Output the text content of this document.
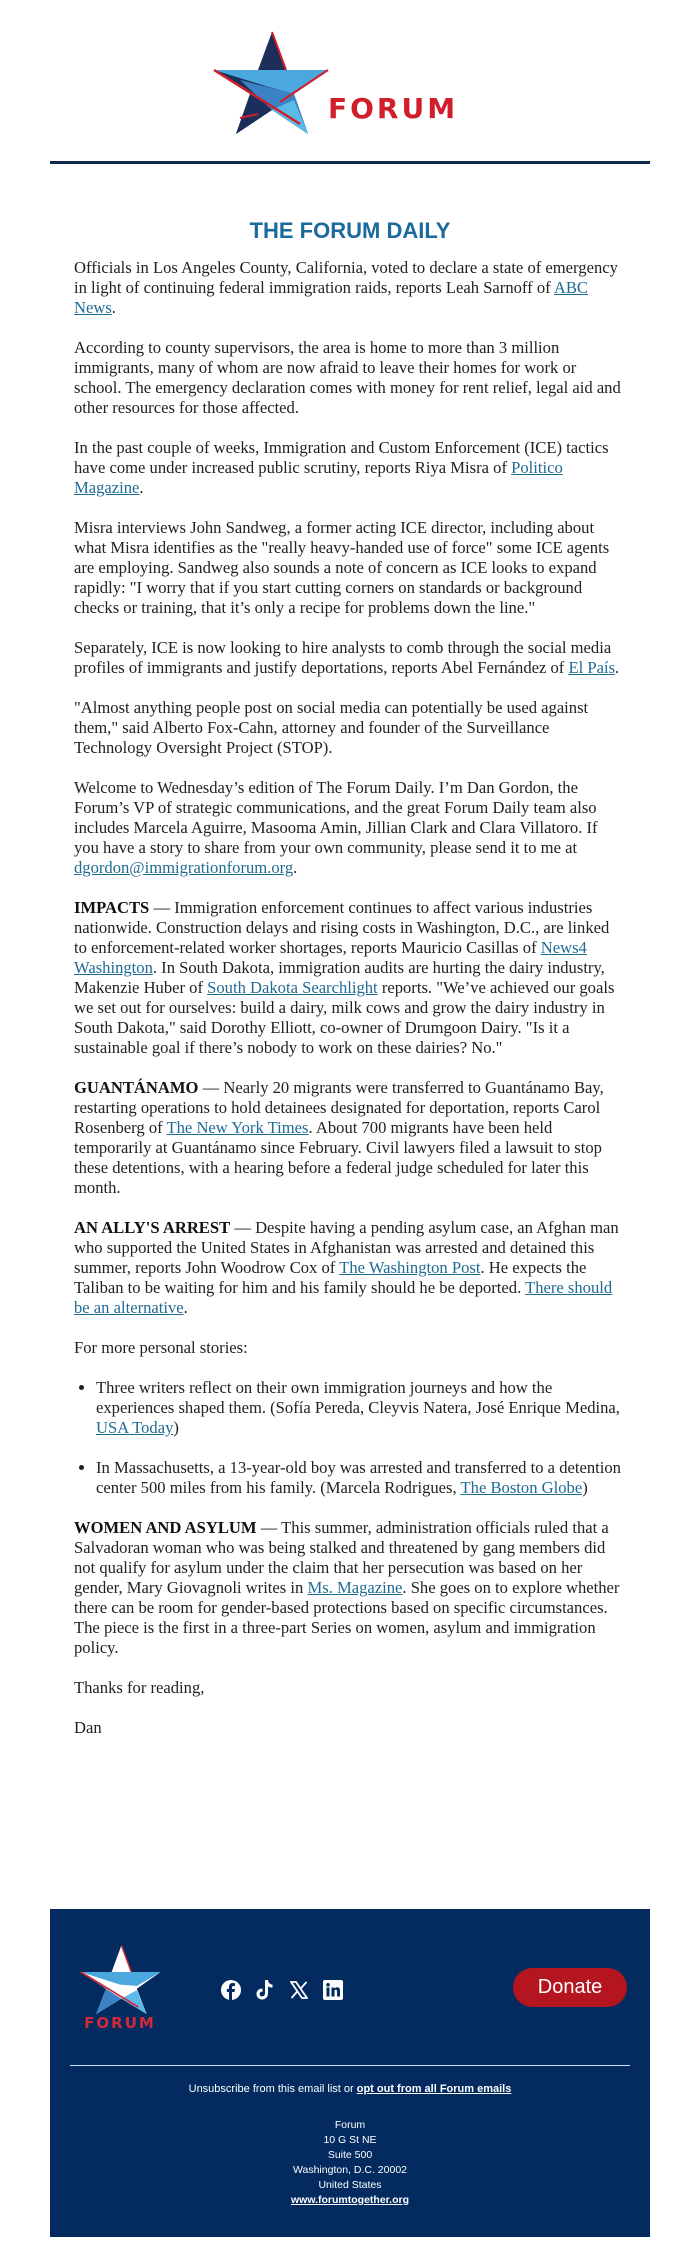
FORUM
THE FORUM DAILY

Officials in Los Angeles County, California, voted to declare a state of emergency in light of continuing federal immigration raids, reports Leah Sarnoff of ABC News.

According to county supervisors, the area is home to more than 3 million immigrants, many of whom are now afraid to leave their homes for work or school. The emergency declaration comes with money for rent relief, legal aid and other resources for those affected.

In the past couple of weeks, Immigration and Custom Enforcement (ICE) tactics have come under increased public scrutiny, reports Riya Misra of Politico Magazine.

Misra interviews John Sandweg, a former acting ICE director, including about what Misra identifies as the "really heavy-handed use of force" some ICE agents are employing. Sandweg also sounds a note of concern as ICE looks to expand rapidly: "I worry that if you start cutting corners on standards or background checks or training, that it’s only a recipe for problems down the line."

Separately, ICE is now looking to hire analysts to comb through the social media profiles of immigrants and justify deportations, reports Abel Fernández of El País.

"Almost anything people post on social media can potentially be used against them," said Alberto Fox-Cahn, attorney and founder of the Surveillance Technology Oversight Project (STOP).

Welcome to Wednesday’s edition of The Forum Daily. I’m Dan Gordon, the Forum’s VP of strategic communications, and the great Forum Daily team also includes Marcela Aguirre, Masooma Amin, Jillian Clark and Clara Villatoro. If you have a story to share from your own community, please send it to me at dgordon@immigrationforum.org.

IMPACTS — Immigration enforcement continues to affect various industries nationwide. Construction delays and rising costs in Washington, D.C., are linked to enforcement-related worker shortages, reports Mauricio Casillas of News4 Washington. In South Dakota, immigration audits are hurting the dairy industry, Makenzie Huber of South Dakota Searchlight reports. "We’ve achieved our goals we set out for ourselves: build a dairy, milk cows and grow the dairy industry in South Dakota," said Dorothy Elliott, co-owner of Drumgoon Dairy. "Is it a sustainable goal if there’s nobody to work on these dairies? No."

GUANTÁNAMO — Nearly 20 migrants were transferred to Guantánamo Bay, restarting operations to hold detainees designated for deportation, reports Carol Rosenberg of The New York Times. About 700 migrants have been held temporarily at Guantánamo since February. Civil lawyers filed a lawsuit to stop these detentions, with a hearing before a federal judge scheduled for later this month.

AN ALLY'S ARREST — Despite having a pending asylum case, an Afghan man who supported the United States in Afghanistan was arrested and detained this summer, reports John Woodrow Cox of The Washington Post. He expects the Taliban to be waiting for him and his family should he be deported. There should be an alternative.

For more personal stories:

• Three writers reflect on their own immigration journeys and how the experiences shaped them. (Sofía Pereda, Cleyvis Natera, José Enrique Medina, USA Today)
• In Massachusetts, a 13-year-old boy was arrested and transferred to a detention center 500 miles from his family. (Marcela Rodrigues, The Boston Globe)

WOMEN AND ASYLUM — This summer, administration officials ruled that a Salvadoran woman who was being stalked and threatened by gang members did not qualify for asylum under the claim that her persecution was based on her gender, Mary Giovagnoli writes in Ms. Magazine. She goes on to explore whether there can be room for gender-based protections based on specific circumstances. The piece is the first in a three-part Series on women, asylum and immigration policy.

Thanks for reading,

Dan

FORUM
Donate
Unsubscribe from this email list or opt out from all Forum emails
Forum
10 G St NE
Suite 500
Washington, D.C. 20002
United States
www.forumtogether.org
